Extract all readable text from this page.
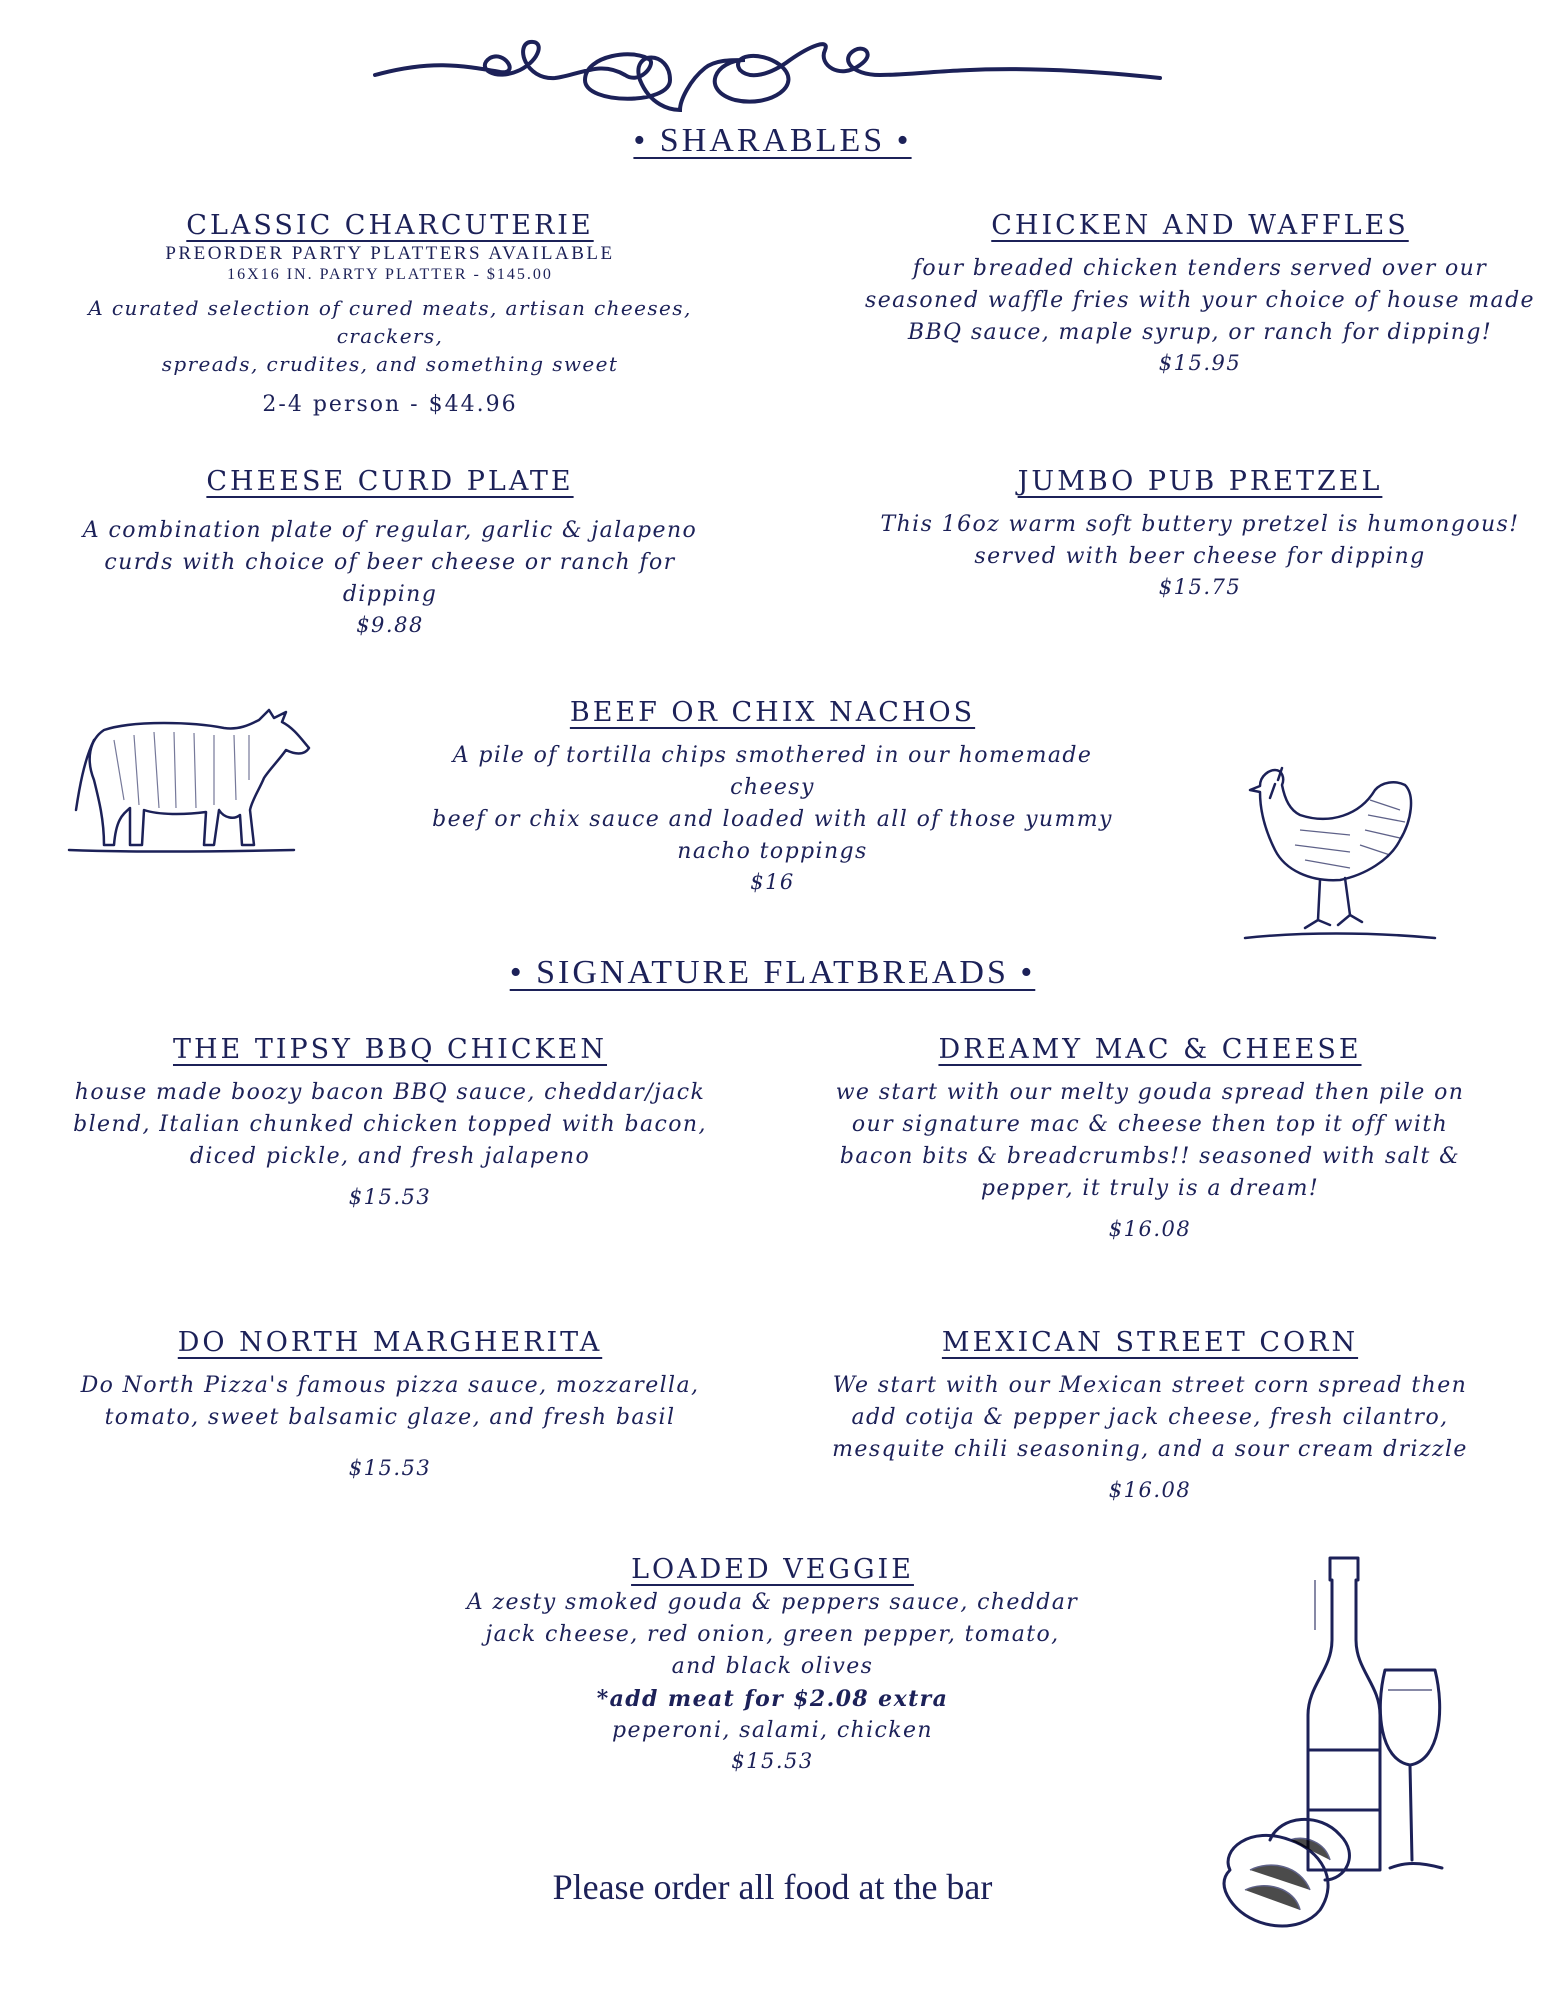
• SHARABLES •
CLASSIC CHARCUTERIE
PREORDER PARTY PLATTERS AVAILABLE
16X16 IN. PARTY PLATTER - $145.00
A curated selection of cured meats, artisan cheeses, crackers,
spreads, crudites, and something sweet
2-4 person - $44.96
CHICKEN AND WAFFLES
four breaded chicken tenders served over our
seasoned waffle fries with your choice of house made
BBQ sauce, maple syrup, or ranch for dipping!
$15.95
CHEESE CURD PLATE
A combination plate of regular, garlic & jalapeno
curds with choice of beer cheese or ranch for dipping
$9.88
JUMBO PUB PRETZEL
This 16oz warm soft buttery pretzel is humongous!
served with beer cheese for dipping
$15.75
BEEF OR CHIX NACHOS
A pile of tortilla chips smothered in our homemade cheesy
beef or chix sauce and loaded with all of those yummy
nacho toppings
$16
• SIGNATURE FLATBREADS •
THE TIPSY BBQ CHICKEN
house made boozy bacon BBQ sauce, cheddar/jack
blend, Italian chunked chicken topped with bacon,
diced pickle, and fresh jalapeno
$15.53
DREAMY MAC & CHEESE
we start with our melty gouda spread then pile on
our signature mac & cheese then top it off with
bacon bits & breadcrumbs!! seasoned with salt &
pepper, it truly is a dream!
$16.08
DO NORTH MARGHERITA
Do North Pizza's famous pizza sauce, mozzarella,
tomato, sweet balsamic glaze, and fresh basil
$15.53
MEXICAN STREET CORN
We start with our Mexican street corn spread then
add cotija & pepper jack cheese, fresh cilantro,
mesquite chili seasoning, and a sour cream drizzle
$16.08
LOADED VEGGIE
A zesty smoked gouda & peppers sauce, cheddar
jack cheese, red onion, green pepper, tomato,
and black olives
*add meat for $2.08 extra
peperoni, salami, chicken
$15.53
Please order all food at the bar
